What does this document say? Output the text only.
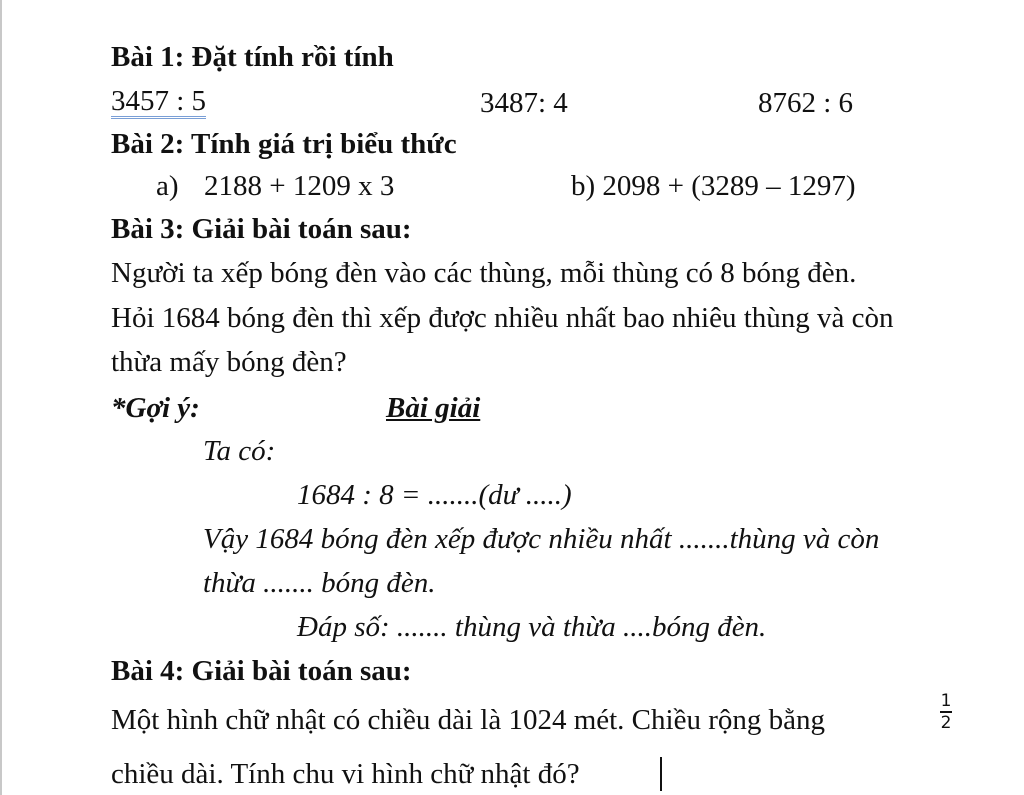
Bài 1: Đặt tính rồi tính
3457 : 5	3487: 4	8762 : 6
Bài 2: Tính giá trị biểu thức
a) 2188 + 1209 x 3	b) 2098 + (3289 – 1297)
Bài 3: Giải bài toán sau:
Người ta xếp bóng đèn vào các thùng, mỗi thùng có 8 bóng đèn.
Hỏi 1684 bóng đèn thì xếp được nhiều nhất bao nhiêu thùng và còn
thừa mấy bóng đèn?
*Gợi ý:	Bài giải
Ta có:
1684 : 8 = .......(dư .....)
Vậy 1684 bóng đèn xếp được nhiều nhất .......thùng và còn
thừa ....... bóng đèn.
Đáp số: ....... thùng và thừa ....bóng đèn.
Bài 4: Giải bài toán sau:
Một hình chữ nhật có chiều dài là 1024 mét. Chiều rộng bằng
1
2
chiều dài. Tính chu vi hình chữ nhật đó?
